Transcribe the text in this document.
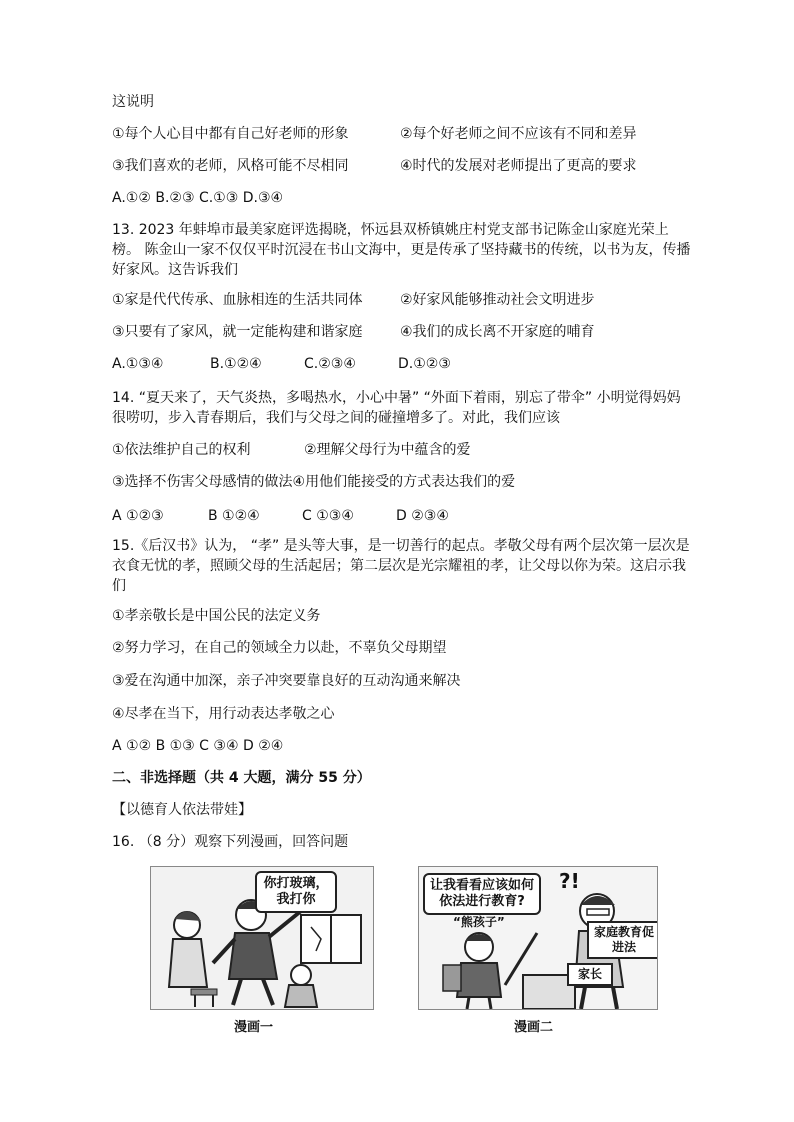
这说明
①每个人心目中都有自己好老师的形象	②每个好老师之间不应该有不同和差异
③我们喜欢的老师，风格可能不尽相同	④时代的发展对老师提出了更高的要求
A.①② B.②③ C.①③ D.③④
13. 2023 年蚌埠市最美家庭评选揭晓，怀远县双桥镇姚庄村党支部书记陈金山家庭光荣上榜。 陈金山一家不仅仅平时沉浸在书山文海中，更是传承了坚持藏书的传统，以书为友，传播 好家风。这告诉我们
①家是代代传承、血脉相连的生活共同体	②好家风能够推动社会文明进步
③只要有了家风，就一定能构建和谐家庭	④我们的成长离不开家庭的哺育
A.①③④	B.①②④	C.②③④	D.①②③
14. “夏天来了，天气炎热，多喝热水，小心中暑” “外面下着雨，别忘了带伞” 小明觉得妈妈很唠叨，步入青春期后，我们与父母之间的碰撞增多了。对此，我们应该
①依法维护自己的权利	②理解父母行为中蕴含的爱
③选择不伤害父母感情的做法④用他们能接受的方式表达我们的爱
A ①②③	B ①②④	C ①③④	D ②③④
15.《后汉书》认为， “孝” 是头等大事，是一切善行的起点。孝敬父母有两个层次第一层次是衣食无忧的孝，照顾父母的生活起居；第二层次是光宗耀祖的孝，让父母以你为荣。这启示我们
①孝亲敬长是中国公民的法定义务
②努力学习，在自己的领域全力以赴，不辜负父母期望
③爱在沟通中加深，亲子冲突要靠良好的互动沟通来解决
④尽孝在当下，用行动表达孝敬之心
A ①② B ①③ C ③④ D ②④
二、非选择题（共 4 大题，满分 55 分）
【以德育人依法带娃】
16. （8 分）观察下列漫画，回答问题
你打玻璃，我打你
漫画一
让我看看应该如何依法进行教育?
?!
“熊孩子”
家庭教育促进法
家长
漫画二
